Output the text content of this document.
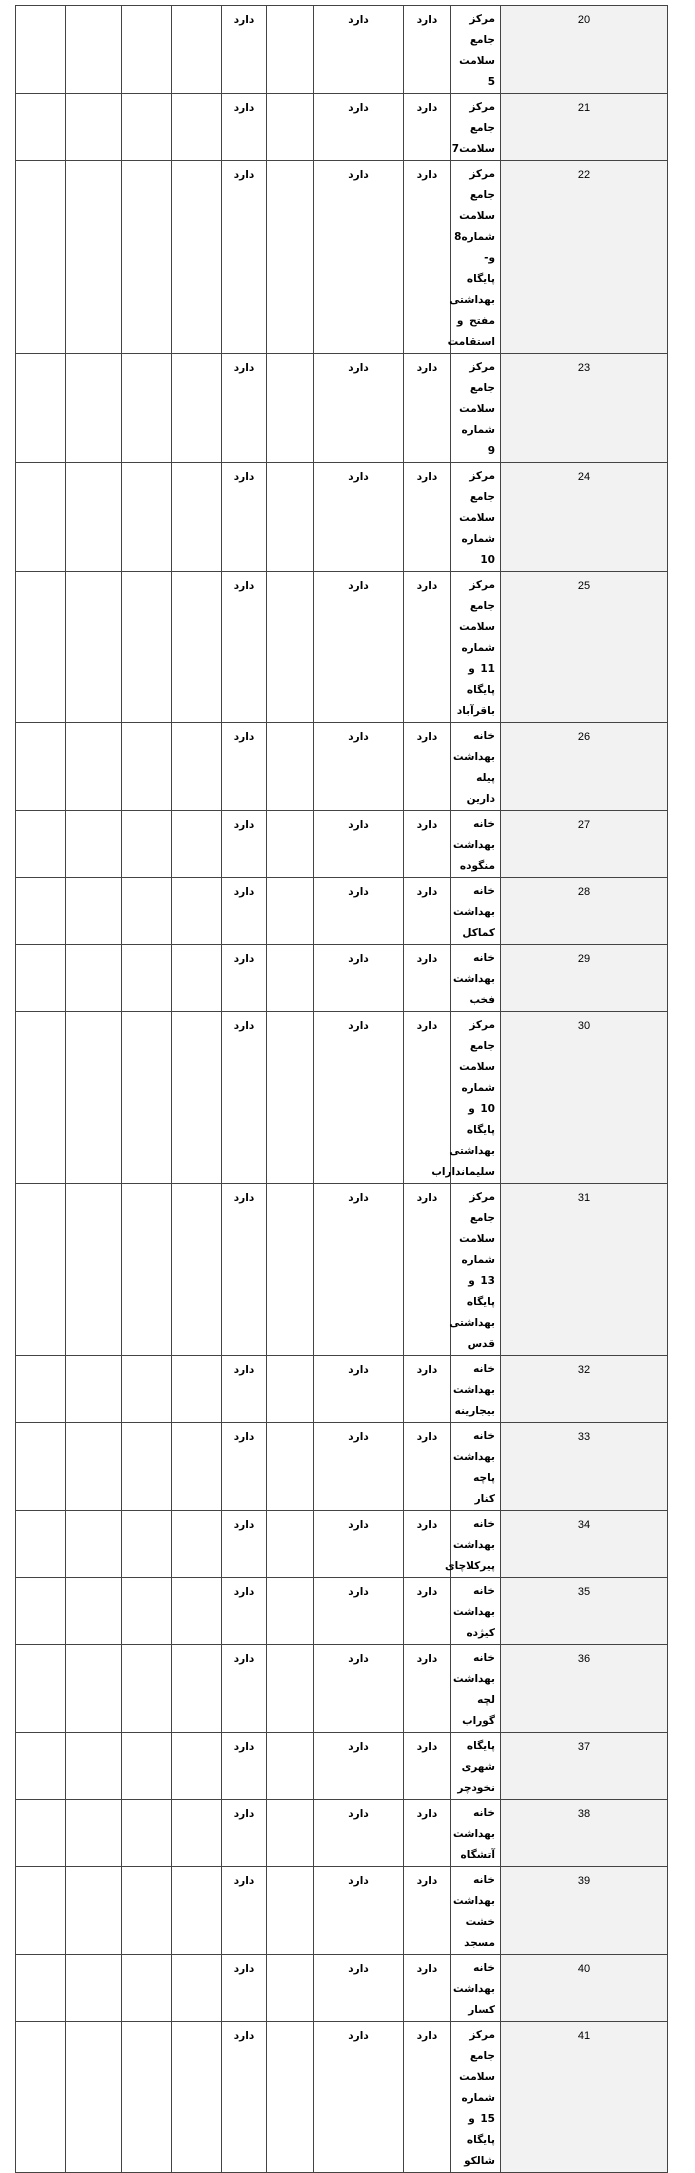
				دارد		دارد	دارد	مرکز جامع سلامت 5	20
				دارد		دارد	دارد	مرکز جامع سلامت7	21
				دارد		دارد	دارد	مرکز جامع سلامت شماره8 و- پایگاه بهداشتی مفتح و استقامت	22
				دارد		دارد	دارد	مرکز جامع سلامت شماره 9	23
				دارد		دارد	دارد	مرکز جامع سلامت شماره 10	24
				دارد		دارد	دارد	مرکز جامع سلامت شماره 11 و پایگاه باقرآباد	25
				دارد		دارد	دارد	خانه بهداشت پیله دارین	26
				دارد		دارد	دارد	خانه بهداشت منگوده	27
				دارد		دارد	دارد	خانه بهداشت کماکل	28
				دارد		دارد	دارد	خانه بهداشت فخب	29
				دارد		دارد	دارد	مرکز جامع سلامت شماره 10 و پایگاه بهداشتی سلیمانداراب	30
				دارد		دارد	دارد	مرکز جامع سلامت شماره 13 و پایگاه بهداشتی قدس	31
				دارد		دارد	دارد	خانه بهداشت بیجارینه	32
				دارد		دارد	دارد	خانه بهداشت پاچه کنار	33
				دارد		دارد	دارد	خانه بهداشت پیرکلاچای	34
				دارد		دارد	دارد	خانه بهداشت کیژده	35
				دارد		دارد	دارد	خانه بهداشت لچه گوراب	36
				دارد		دارد	دارد	پایگاه شهری نخودچر	37
				دارد		دارد	دارد	خانه بهداشت آتشگاه	38
				دارد		دارد	دارد	خانه بهداشت خشت مسجد	39
				دارد		دارد	دارد	خانه بهداشت کسار	40
				دارد		دارد	دارد	مرکز جامع سلامت شماره 15 و پایگاه شالکو	41
